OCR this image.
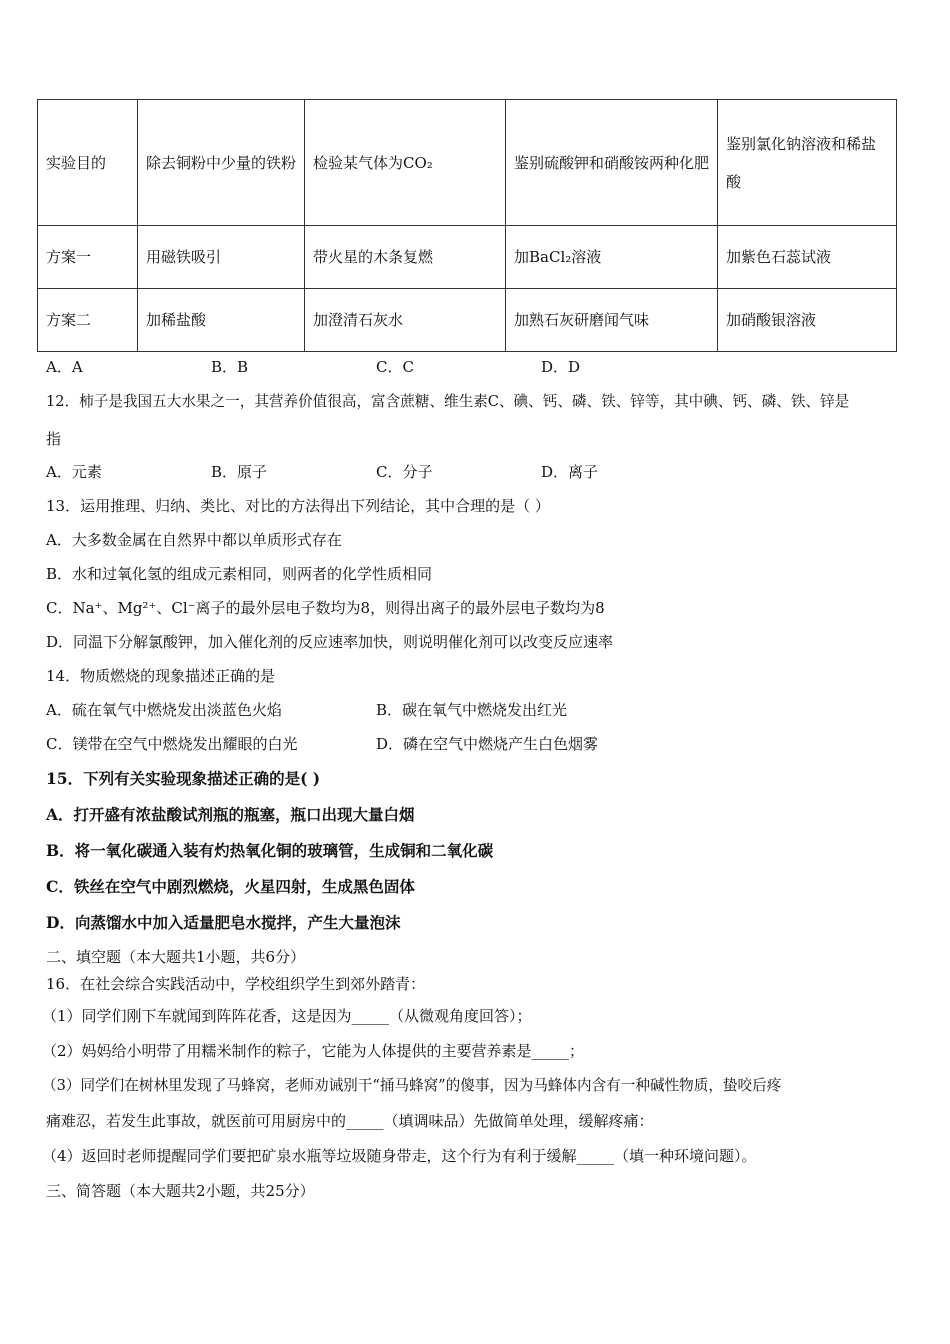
实验目的	除去铜粉中少量的铁粉	检验某气体为CO₂	鉴别硫酸钾和硝酸铵两种化肥	鉴别氯化钠溶液和稀盐酸
方案一	用磁铁吸引	带火星的木条复燃	加BaCl₂溶液	加紫色石蕊试液
方案二	加稀盐酸	加澄清石灰水	加熟石灰研磨闻气味	加硝酸银溶液
A．A	B．B	C．C	D．D
12．柿子是我国五大水果之一，其营养价值很高，富含蔗糖、维生素C、碘、钙、磷、铁、锌等，其中碘、钙、磷、铁、锌是
指
A．元素	B．原子	C．分子	D．离子
13．运用推理、归纳、类比、对比的方法得出下列结论，其中合理的是（ ）
A．大多数金属在自然界中都以单质形式存在
B．水和过氧化氢的组成元素相同，则两者的化学性质相同
C．Na⁺、Mg²⁺、Cl⁻离子的最外层电子数均为8，则得出离子的最外层电子数均为8
D．同温下分解氯酸钾，加入催化剂的反应速率加快，则说明催化剂可以改变反应速率
14．物质燃烧的现象描述正确的是
A．硫在氧气中燃烧发出淡蓝色火焰	B．碳在氧气中燃烧发出红光
C．镁带在空气中燃烧发出耀眼的白光	D．磷在空气中燃烧产生白色烟雾
15．下列有关实验现象描述正确的是( )
A．打开盛有浓盐酸试剂瓶的瓶塞，瓶口出现大量白烟
B．将一氧化碳通入装有灼热氧化铜的玻璃管，生成铜和二氧化碳
C．铁丝在空气中剧烈燃烧，火星四射，生成黑色固体
D．向蒸馏水中加入适量肥皂水搅拌，产生大量泡沫
二、填空题（本大题共1小题，共6分）
16．在社会综合实践活动中，学校组织学生到郊外踏青：
（1）同学们刚下车就闻到阵阵花香，这是因为_____（从微观角度回答）；
（2）妈妈给小明带了用糯米制作的粽子，它能为人体提供的主要营养素是_____；
（3）同学们在树林里发现了马蜂窝，老师劝诫别干“捅马蜂窝”的傻事，因为马蜂体内含有一种碱性物质，蛰咬后疼
痛难忍，若发生此事故，就医前可用厨房中的_____（填调味品）先做简单处理，缓解疼痛：
（4）返回时老师提醒同学们要把矿泉水瓶等垃圾随身带走，这个行为有利于缓解_____（填一种环境问题）。
三、简答题（本大题共2小题，共25分）
